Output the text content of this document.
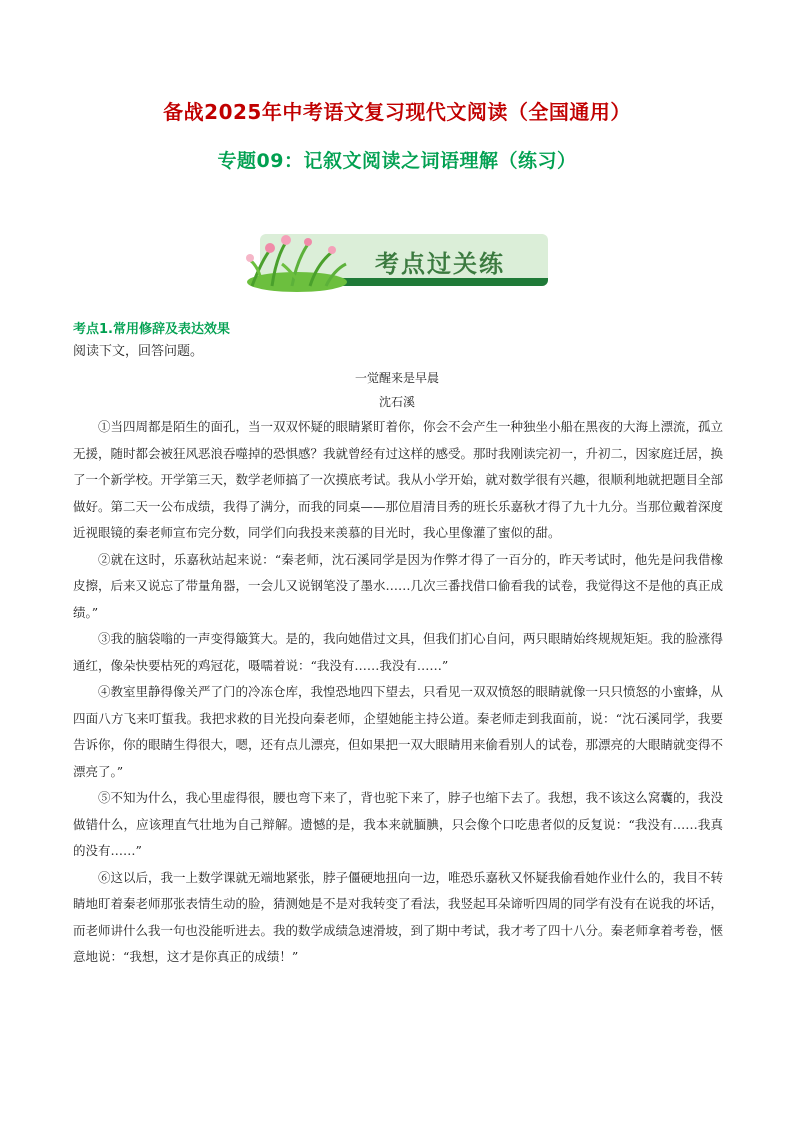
备战2025年中考语文复习现代文阅读（全国通用）
专题09：记叙文阅读之词语理解（练习）
考点过关练
考点1.常用修辞及表达效果
阅读下文，回答问题。
一觉醒来是早晨
沈石溪

①当四周都是陌生的面孔，当一双双怀疑的眼睛紧盯着你，你会不会产生一种独坐小船在黑夜的大海上漂流，孤立无援，随时都会被狂风恶浪吞噬掉的恐惧感？我就曾经有过这样的感受。那时我刚读完初一，升初二，因家庭迁居，换了一个新学校。开学第三天，数学老师搞了一次摸底考试。我从小学开始，就对数学很有兴趣，很顺利地就把题目全部做好。第二天一公布成绩，我得了满分，而我的同桌——那位眉清目秀的班长乐嘉秋才得了九十九分。当那位戴着深度近视眼镜的秦老师宣布完分数，同学们向我投来羡慕的目光时，我心里像灌了蜜似的甜。

②就在这时，乐嘉秋站起来说：“秦老师，沈石溪同学是因为作弊才得了一百分的，昨天考试时，他先是问我借橡皮擦，后来又说忘了带量角器，一会儿又说钢笔没了墨水……几次三番找借口偷看我的试卷，我觉得这不是他的真正成绩。”

③我的脑袋嗡的一声变得簸箕大。是的，我向她借过文具，但我们扪心自问，两只眼睛始终规规矩矩。我的脸涨得通红，像朵快要枯死的鸡冠花，嗫嚅着说：“我没有……我没有……”

④教室里静得像关严了门的冷冻仓库，我惶恐地四下望去，只看见一双双愤怒的眼睛就像一只只愤怒的小蜜蜂，从四面八方飞来叮蜇我。我把求救的目光投向秦老师，企望她能主持公道。秦老师走到我面前，说：“沈石溪同学，我要告诉你，你的眼睛生得很大，嗯，还有点儿漂亮，但如果把一双大眼睛用来偷看别人的试卷，那漂亮的大眼睛就变得不漂亮了。”

⑤不知为什么，我心里虚得很，腰也弯下来了，背也驼下来了，脖子也缩下去了。我想，我不该这么窝囊的，我没做错什么，应该理直气壮地为自己辩解。遗憾的是，我本来就腼腆，只会像个口吃患者似的反复说：“我没有……我真的没有……”

⑥这以后，我一上数学课就无端地紧张，脖子僵硬地扭向一边，唯恐乐嘉秋又怀疑我偷看她作业什么的，我目不转睛地盯着秦老师那张表情生动的脸，猜测她是不是对我转变了看法，我竖起耳朵谛听四周的同学有没有在说我的坏话，而老师讲什么我一句也没能听进去。我的数学成绩急速滑坡，到了期中考试，我才考了四十八分。秦老师拿着考卷，惬意地说：“我想，这才是你真正的成绩！”
